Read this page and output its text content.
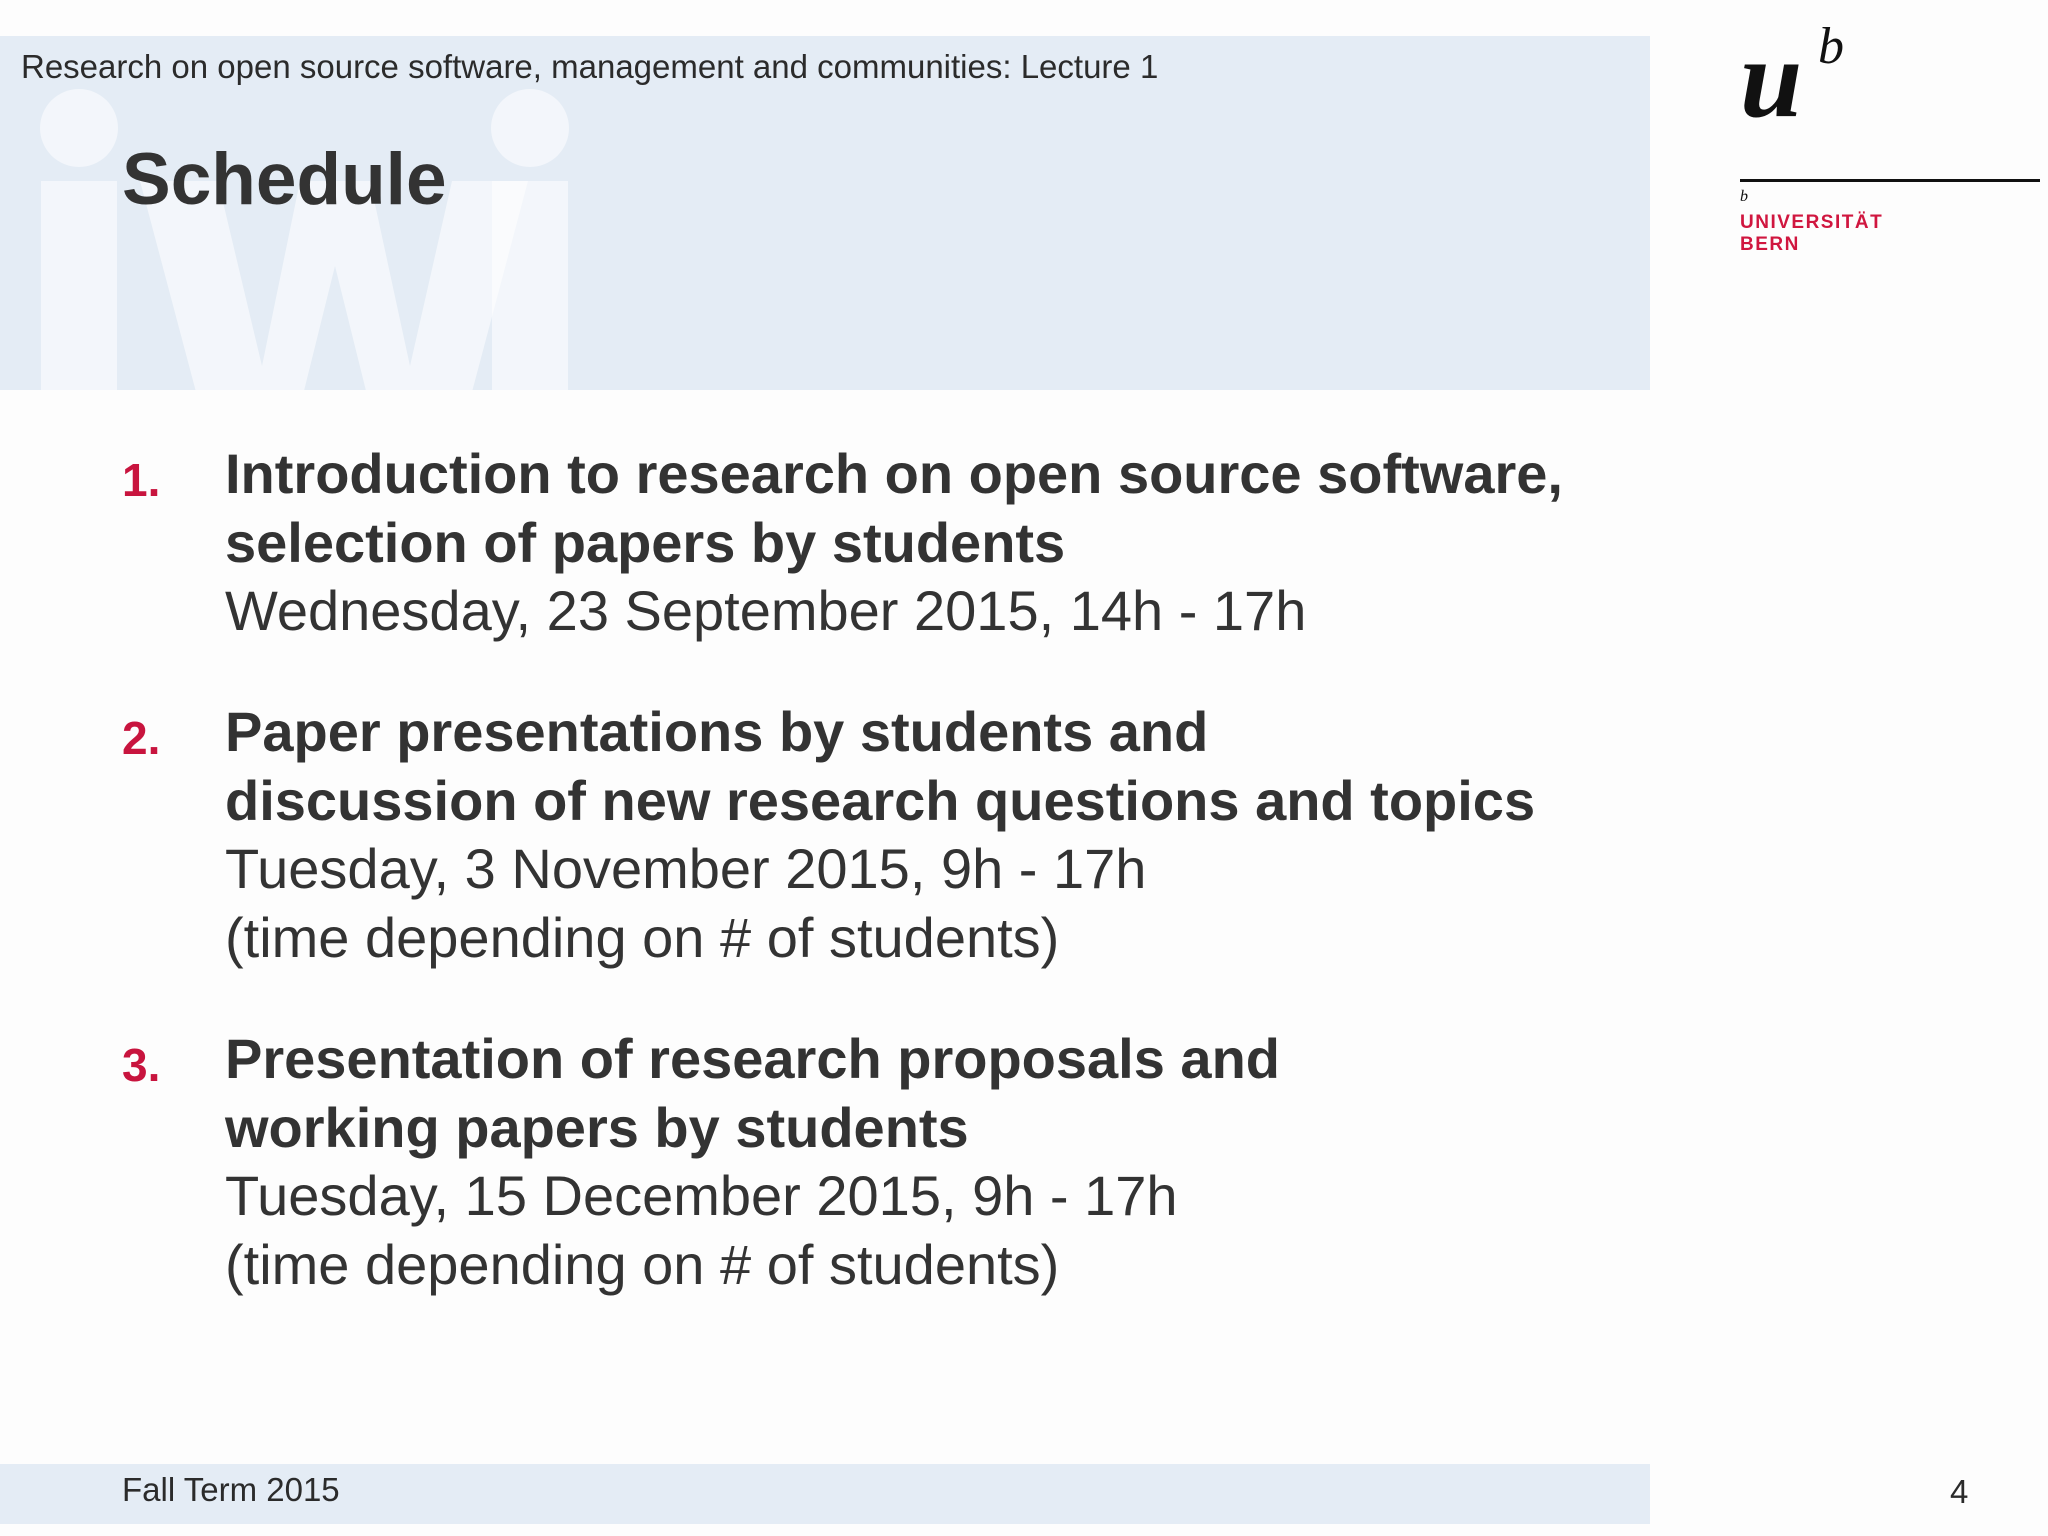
Research on open source software, management and communities: Lecture 1
Schedule
u b
b
UNIVERSITÄT
BERN
1. Introduction to research on open source software,
selection of papers by students
Wednesday, 23 September 2015, 14h - 17h
2. Paper presentations by students and
discussion of new research questions and topics
Tuesday, 3 November 2015, 9h - 17h
(time depending on # of students)
3. Presentation of research proposals and
working papers by students
Tuesday, 15 December 2015, 9h - 17h
(time depending on # of students)
Fall Term 2015	4
